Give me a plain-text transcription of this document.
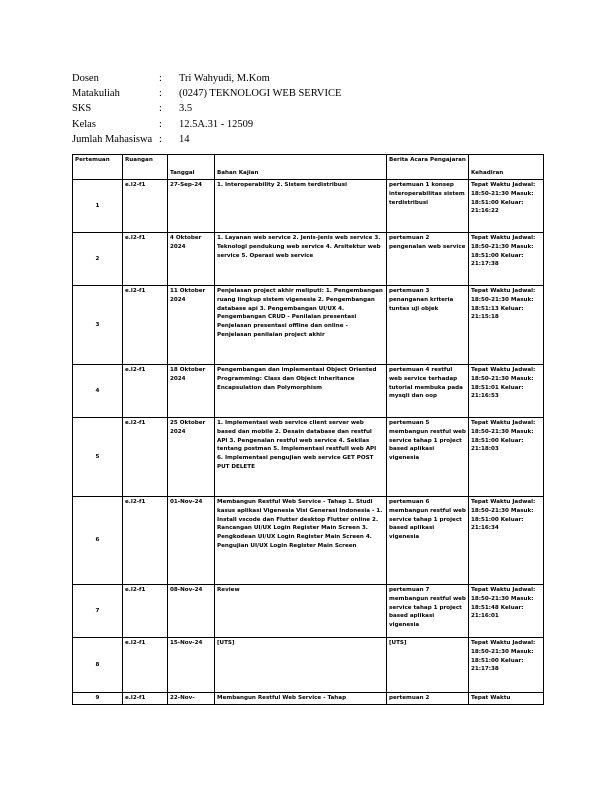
Dosen	: Tri Wahyudi, M.Kom
Matakuliah	: (0247) TEKNOLOGI WEB SERVICE
SKS	: 3.5
Kelas	: 12.5A.31 - 12509
Jumlah Mahasiswa : 14
Pertemuan	Ruangan	Tanggal	Bahan Kajian	Berita Acara Pengajaran	Kehadiran
1	e.l2-f1	27-Sep-24	1. Interoperability 2. Sistem terdistribusi	pertemuan 1 konsep interoperabilitas sistem terdistribusi	Tepat Waktu Jadwal: 18:50-21:30 Masuk: 18:51:00 Keluar: 21:16:22
2	e.l2-f1	4 Oktober 2024	1. Layanan web service 2. Jenis-jenis web service 3. Teknologi pendukung web service 4. Arsitektur web service 5. Operasi web service	pertemuan 2 pengenalan web service	Tepat Waktu Jadwal: 18:50-21:30 Masuk: 18:51:00 Keluar: 21:17:38
3	e.l2-f1	11 Oktober 2024	Penjelasan project akhir meliputi: 1. Pengembangan ruang lingkup sistem vigenesia 2. Pengembangan database api 3. Pengembangan UI/UX 4. Pengembangan CRUD - Penilaian presentasi Penjelasan presentasi offline dan online - Penjelasan penilaian project akhir	pertemuan 3 penanganan kriteria tuntas uji objek	Tepat Waktu Jadwal: 18:50-21:30 Masuk: 18:51:13 Keluar: 21:15:18
4	e.l2-f1	18 Oktober 2024	Pengembangan dan implementasi Object Oriented Programming: Class dan Object Inheritance Encapsulation dan Polymorphism	pertemuan 4 restful web service terhadap tutorial membuka pada mysqli dan oop	Tepat Waktu Jadwal: 18:50-21:30 Masuk: 18:51:01 Keluar: 21:16:53
5	e.l2-f1	25 Oktober 2024	1. Implementasi web service client server web based dan mobile 2. Desain database dan restful API 3. Pengenalan restful web service 4. Sekilas tentang postman 5. Implementasi restfull web API 6. Implementasi pengujian web service GET POST PUT DELETE	pertemuan 5 membangun restful web service tahap 1 project based aplikasi vigenesia	Tepat Waktu Jadwal: 18:50-21:30 Masuk: 18:51:00 Keluar: 21:18:03
6	e.l2-f1	01-Nov-24	Membangun Restful Web Service - Tahap 1. Studi kasus aplikasi Vigenesia Visi Generasi Indonesia - 1. Install vscode dan Flutter desktop Flutter online 2. Rancangan UI/UX Login Register Main Screen 3. Pengkodean UI/UX Login Register Main Screen 4. Pengujian UI/UX Login Register Main Screen	pertemuan 6 membangun restful web service tahap 1 project based aplikasi vigenesia	Tepat Waktu Jadwal: 18:50-21:30 Masuk: 18:51:00 Keluar: 21:16:34
7	e.l2-f1	08-Nov-24	Review	pertemuan 7 membangun restful web service tahap 1 project based aplikasi vigenesia	Tepat Waktu Jadwal: 18:50-21:30 Masuk: 18:51:48 Keluar: 21:16:01
8	e.l2-f1	15-Nov-24	[UTS]	[UTS]	Tepat Waktu Jadwal: 18:50-21:30 Masuk: 18:51:00 Keluar: 21:17:38
9	e.l2-f1	22-Nov-	Membangun Restful Web Service - Tahap	pertemuan 2	Tepat Waktu
